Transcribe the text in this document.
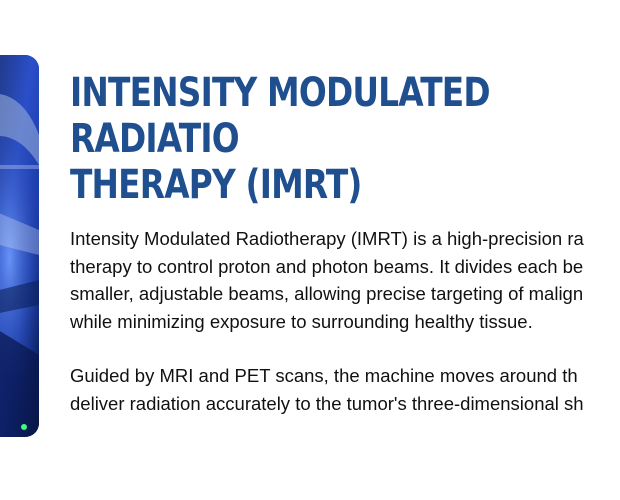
INTENSITY MODULATED RADIATIO
THERAPY (IMRT)

Intensity Modulated Radiotherapy (IMRT) is a high-precision ra
therapy to control proton and photon beams. It divides each be
smaller, adjustable beams, allowing precise targeting of malign
while minimizing exposure to surrounding healthy tissue.

Guided by MRI and PET scans, the machine moves around th
deliver radiation accurately to the tumor's three-dimensional sh
